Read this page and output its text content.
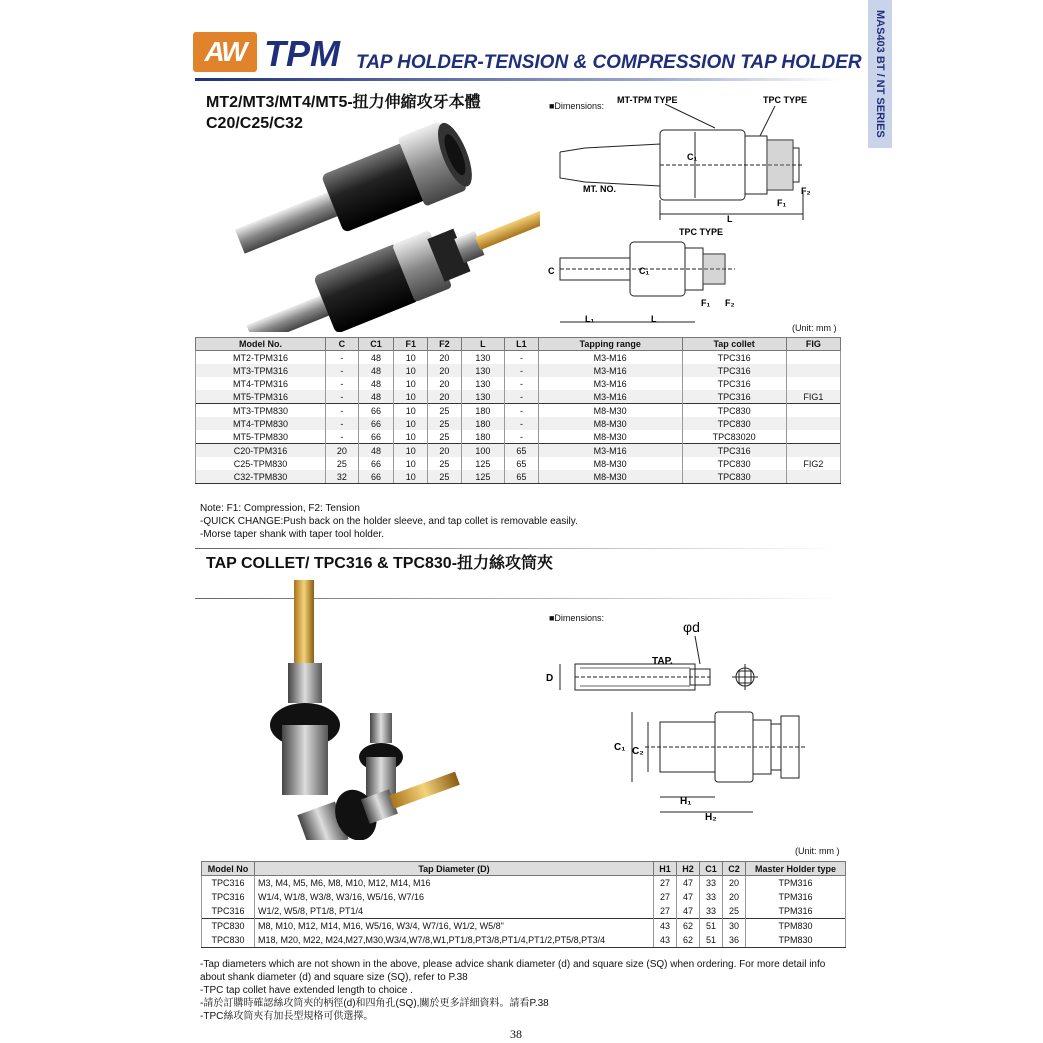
AW TPM TAP HOLDER-TENSION & COMPRESSION TAP HOLDER MAS403 BT / NT SERIES
MT2/MT3/MT4/MT5-扭力伸縮攻牙本體
C20/C25/C32
■Dimensions:
MT-TPM TYPE	TPC TYPE
C₁
MT. NO.
F₁
F₂
L
TPC TYPE
C	C₁
F₁ F₂
L₁	L
(Unit: mm )
Model No.	C	C1	F1	F2	L	L1	Tapping range	Tap collet	FIG
MT2-TPM316	-	48	10	20	130	-	M3-M16	TPC316	
MT3-TPM316	-	48	10	20	130	-	M3-M16	TPC316	
MT4-TPM316	-	48	10	20	130	-	M3-M16	TPC316	
MT5-TPM316	-	48	10	20	130	-	M3-M16	TPC316	FIG1
MT3-TPM830	-	66	10	25	180	-	M8-M30	TPC830	
MT4-TPM830	-	66	10	25	180	-	M8-M30	TPC830	
MT5-TPM830	-	66	10	25	180	-	M8-M30	TPC83020	
C20-TPM316	20	48	10	20	100	65	M3-M16	TPC316	
C25-TPM830	25	66	10	25	125	65	M8-M30	TPC830	FIG2
C32-TPM830	32	66	10	25	125	65	M8-M30	TPC830	
Note: F1: Compression, F2: Tension
-QUICK CHANGE:Push back on the holder sleeve, and tap collet is removable easily.
-Morse taper shank with taper tool holder.
TAP COLLET/ TPC316 & TPC830-扭力絲攻筒夾
■Dimensions:
φd
TAP.
D
C₁ C₂
H₁
H₂
(Unit: mm )
Model No	Tap Diameter (D)	H1	H2	C1	C2	Master Holder type
TPC316	M3, M4, M5, M6, M8, M10, M12, M14, M16	27	47	33	20	TPM316
TPC316	W1/4, W1/8, W3/8, W3/16, W5/16, W7/16	27	47	33	20	TPM316
TPC316	W1/2, W5/8, PT1/8, PT1/4	27	47	33	25	TPM316
TPC830	M8, M10, M12, M14, M16, W5/16, W3/4, W7/16, W1/2, W5/8"	43	62	51	30	TPM830
TPC830	M18, M20, M22, M24,M27,M30,W3/4,W7/8,W1,PT1/8,PT3/8,PT1/4,PT1/2,PT5/8,PT3/4	43	62	51	36	TPM830
-Tap diameters which are not shown in the above, please advice shank diameter (d) and square size (SQ) when ordering. For more detail info
about shank diameter (d) and square size (SQ), refer to P.38
-TPC tap collet have extended length to choice .
-請於訂購時確認絲攻筒夾的柄徑(d)和四角孔(SQ),關於更多詳細資料。請看P.38
-TPC絲攻筒夾有加長型規格可供選擇。
38
